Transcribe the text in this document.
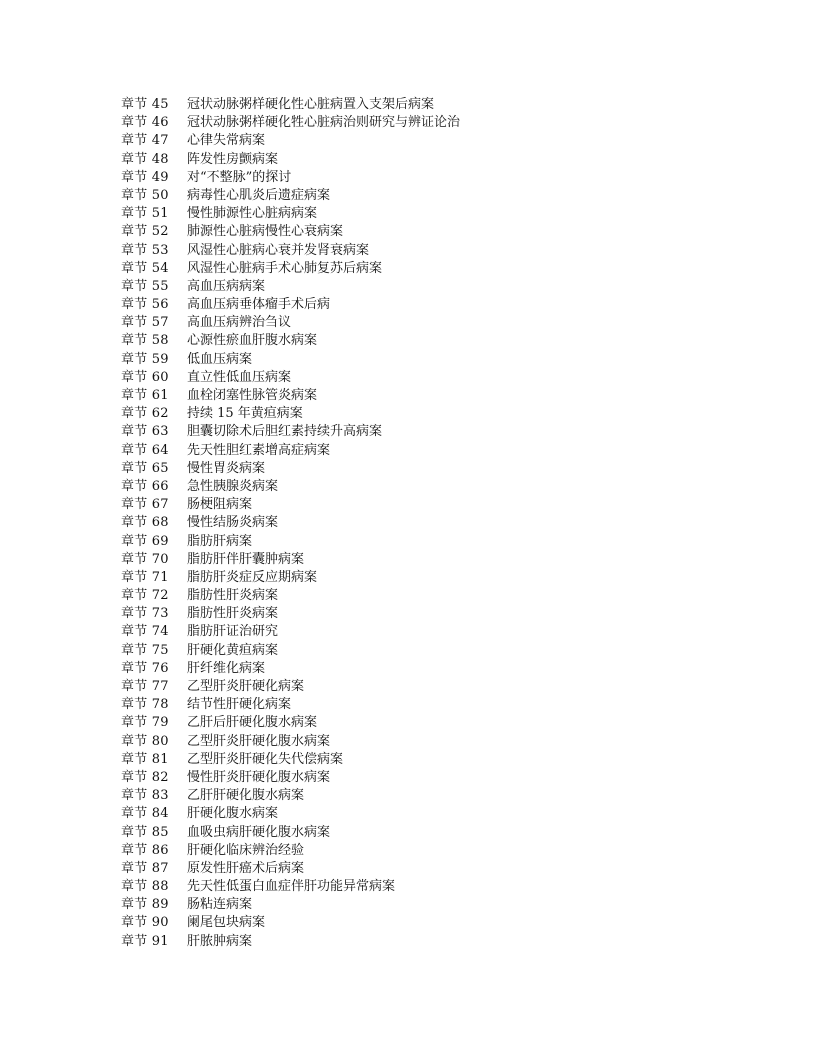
章节 45	冠状动脉粥样硬化性心脏病置入支架后病案
章节 46	冠状动脉粥样硬化牲心脏病治则研究与辨证论治
章节 47	心律失常病案
章节 48	阵发性房颤病案
章节 49	对“不整脉”的探讨
章节 50	病毒性心肌炎后遗症病案
章节 51	慢性肺源性心脏病病案
章节 52	肺源性心脏病慢性心衰病案
章节 53	风湿性心脏病心衰并发肾衰病案
章节 54	风湿性心脏病手术心肺复苏后病案
章节 55	高血压病病案
章节 56	高血压病垂体瘤手术后病
章节 57	高血压病辨治刍议
章节 58	心源性瘀血肝腹水病案
章节 59	低血压病案
章节 60	直立性低血压病案
章节 61	血栓闭塞性脉管炎病案
章节 62	持续 15 年黄疸病案
章节 63	胆囊切除术后胆红素持续升高病案
章节 64	先天性胆红素增高症病案
章节 65	慢性胃炎病案
章节 66	急性胰腺炎病案
章节 67	肠梗阻病案
章节 68	慢性结肠炎病案
章节 69	脂肪肝病案
章节 70	脂肪肝伴肝囊肿病案
章节 71	脂肪肝炎症反应期病案
章节 72	脂肪性肝炎病案
章节 73	脂肪性肝炎病案
章节 74	脂肪肝证治研究
章节 75	肝硬化黄疸病案
章节 76	肝纤维化病案
章节 77	乙型肝炎肝硬化病案
章节 78	结节性肝硬化病案
章节 79	乙肝后肝硬化腹水病案
章节 80	乙型肝炎肝硬化腹水病案
章节 81	乙型肝炎肝硬化失代偿病案
章节 82	慢性肝炎肝硬化腹水病案
章节 83	乙肝肝硬化腹水病案
章节 84	肝硬化腹水病案
章节 85	血吸虫病肝硬化腹水病案
章节 86	肝硬化临床辨治经验
章节 87	原发性肝癌术后病案
章节 88	先天性低蛋白血症伴肝功能异常病案
章节 89	肠粘连病案
章节 90	阑尾包块病案
章节 91	肝脓肿病案
